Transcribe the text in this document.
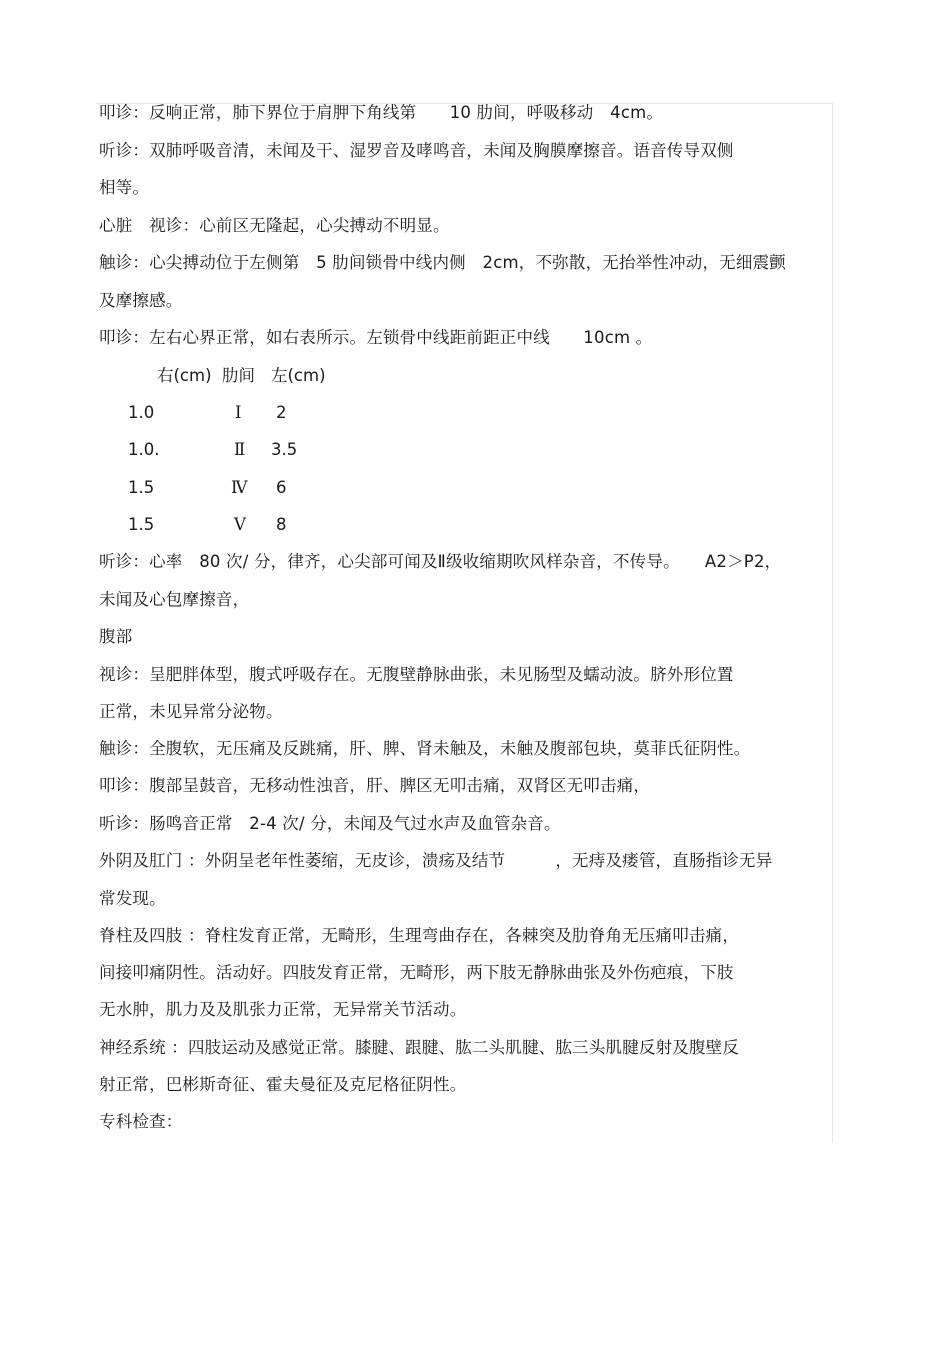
叩诊：反响正常，肺下界位于肩胛下角线第　　10 肋间，呼吸移动　4cm。
听诊：双肺呼吸音清，未闻及干、湿罗音及哮鸣音，未闻及胸膜摩擦音。语音传导双侧
相等。
心脏　视诊：心前区无隆起，心尖搏动不明显。
触诊：心尖搏动位于左侧第　5 肋间锁骨中线内侧　2cm，不弥散，无抬举性冲动，无细震颤
及摩擦感。
叩诊：左右心界正常，如右表所示。左锁骨中线距前距正中线　　10cm 。
右(cm) 肋间 左(cm)
1.0	Ⅰ 2
1.0.	Ⅱ 3.5
1.5	Ⅳ 6
1.5	Ⅴ 8
听诊：心率　80 次/ 分，律齐，心尖部可闻及Ⅱ级收缩期吹风样杂音，不传导。　　A2＞P2，
未闻及心包摩擦音，
腹部
视诊：呈肥胖体型，腹式呼吸存在。无腹壁静脉曲张，未见肠型及蠕动波。脐外形位置
正常，未见异常分泌物。
触诊：全腹软，无压痛及反跳痛，肝、脾、肾未触及，未触及腹部包块，莫菲氏征阴性。
叩诊：腹部呈鼓音，无移动性浊音，肝、脾区无叩击痛，双肾区无叩击痛，
听诊：肠鸣音正常　2-4 次/ 分，未闻及气过水声及血管杂音。
外阴及肛门 ：外阴呈老年性萎缩，无皮诊，溃疡及结节　　　，无痔及瘘管，直肠指诊无异
常发现。
脊柱及四肢 ：脊柱发育正常，无畸形，生理弯曲存在，各棘突及肋脊角无压痛叩击痛，
间接叩痛阴性。活动好。四肢发育正常，无畸形，两下肢无静脉曲张及外伤疤痕，下肢
无水肿，肌力及及肌张力正常，无异常关节活动。
神经系统 ：四肢运动及感觉正常。膝腱、跟腱、肱二头肌腱、肱三头肌腱反射及腹壁反
射正常，巴彬斯奇征、霍夫曼征及克尼格征阴性。
专科检查：
